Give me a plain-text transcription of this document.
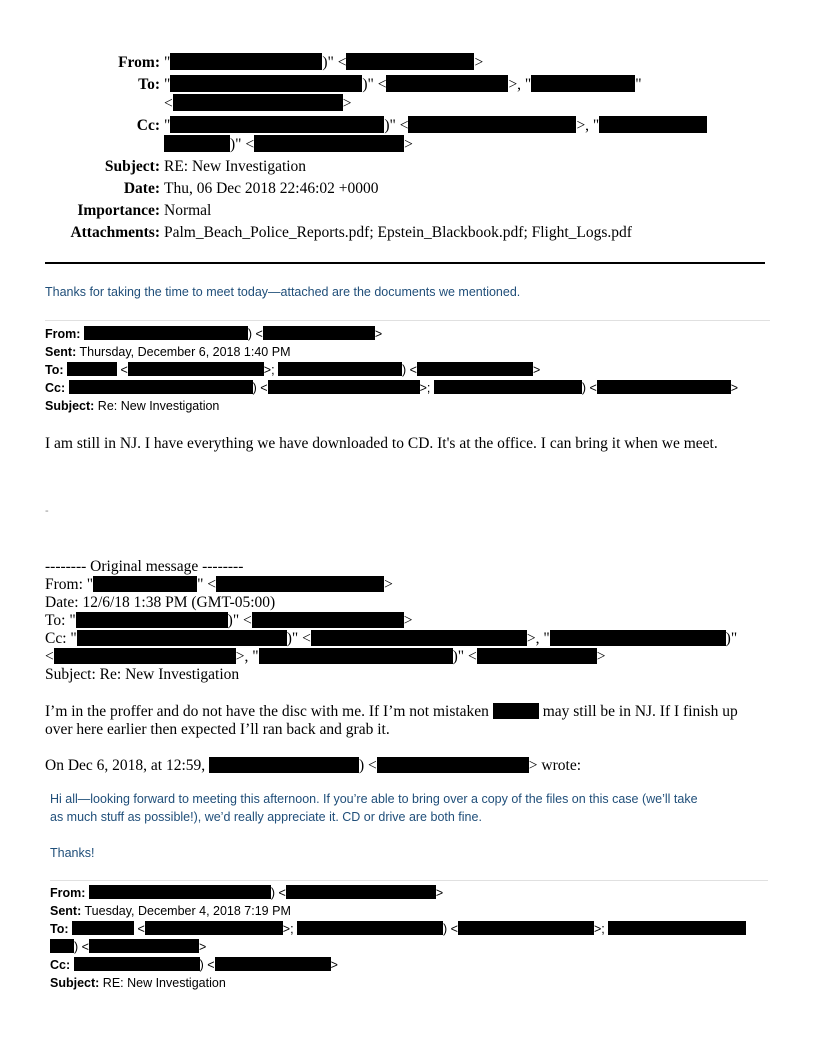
From: "	)" <	>
To: "	)" <	>, "	"
<	>
Cc: "	)" <	>, "
)" <	>
Subject: RE: New Investigation
Date: Thu, 06 Dec 2018 22:46:02 +0000
Importance: Normal
Attachments: Palm_Beach_Police_Reports.pdf; Epstein_Blackbook.pdf; Flight_Logs.pdf
Thanks for taking the time to meet today—attached are the documents we mentioned.
From:	) <	>
Sent: Thursday, December 6, 2018 1:40 PM
To:	<	>;	) <	>
Cc:	) <	>;	) <	>
Subject: Re: New Investigation
I am still in NJ. I have everything we have downloaded to CD. It's at the office. I can bring it when we meet.
-
-------- Original message --------
From: "	" <	>
Date: 12/6/18 1:38 PM (GMT-05:00)
To: "	)" <	>
Cc: "	)" <	>, "	)"
<	>, "	)" <	>
Subject: Re: New Investigation
I’m in the proffer and do not have the disc with me. If I’m not mistaken	may still be in NJ. If I finish up
over here earlier then expected I’ll ran back and grab it.
On Dec 6, 2018, at 12:59,	) <	> wrote:
Hi all—looking forward to meeting this afternoon. If you’re able to bring over a copy of the files on this case (we’ll take
as much stuff as possible!), we’d really appreciate it. CD or drive are both fine.
Thanks!
From:	) <	>
Sent: Tuesday, December 4, 2018 7:19 PM
To:	<	>;	) <	>;
) <	>
Cc:	) <	>
Subject: RE: New Investigation
